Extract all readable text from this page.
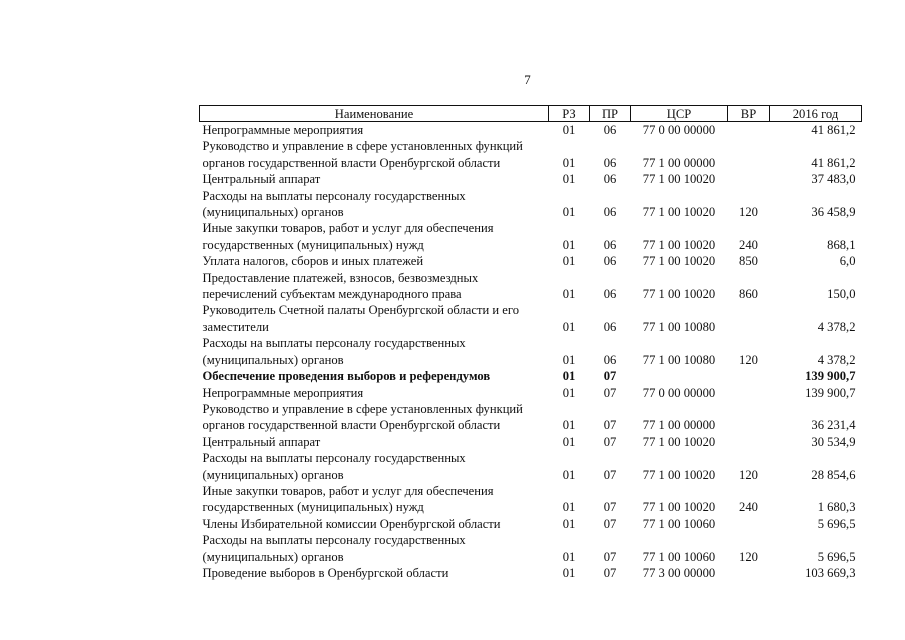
7
Наименование	РЗ	ПР	ЦСР	ВР	2016 год
Непрограммные мероприятия	01	06	77 0 00 00000		41 861,2
Руководство и управление в сфере установленных функций органов государственной власти Оренбургской области	01	06	77 1 00 00000		41 861,2
Центральный аппарат	01	06	77 1 00 10020		37 483,0
Расходы на выплаты персоналу государственных (муниципальных) органов	01	06	77 1 00 10020	120	36 458,9
Иные закупки товаров, работ и услуг для обеспечения государственных (муниципальных) нужд	01	06	77 1 00 10020	240	868,1
Уплата налогов, сборов и иных платежей	01	06	77 1 00 10020	850	6,0
Предоставление платежей, взносов, безвозмездных перечислений субъектам международного права	01	06	77 1 00 10020	860	150,0
Руководитель Счетной палаты Оренбургской области и его заместители	01	06	77 1 00 10080		4 378,2
Расходы на выплаты персоналу государственных (муниципальных) органов	01	06	77 1 00 10080	120	4 378,2
Обеспечение проведения выборов и референдумов	01	07			139 900,7
Непрограммные мероприятия	01	07	77 0 00 00000		139 900,7
Руководство и управление в сфере установленных функций органов государственной власти Оренбургской области	01	07	77 1 00 00000		36 231,4
Центральный аппарат	01	07	77 1 00 10020		30 534,9
Расходы на выплаты персоналу государственных (муниципальных) органов	01	07	77 1 00 10020	120	28 854,6
Иные закупки товаров, работ и услуг для обеспечения государственных (муниципальных) нужд	01	07	77 1 00 10020	240	1 680,3
Члены Избирательной комиссии Оренбургской области	01	07	77 1 00 10060		5 696,5
Расходы на выплаты персоналу государственных (муниципальных) органов	01	07	77 1 00 10060	120	5 696,5
Проведение выборов в Оренбургской области	01	07	77 3 00 00000		103 669,3
